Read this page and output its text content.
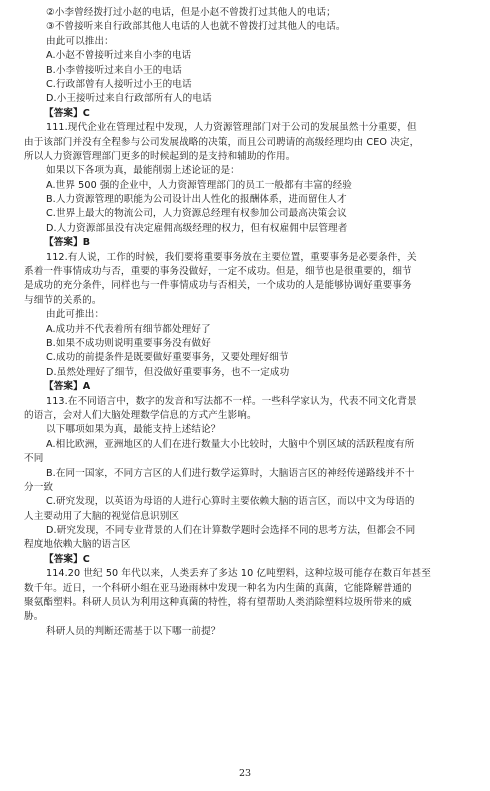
②小李曾经拨打过小赵的电话，但是小赵不曾拨打过其他人的电话；
③不曾接听来自行政部其他人电话的人也就不曾拨打过其他人的电话。
由此可以推出：
A.小赵不曾接听过来自小李的电话
B.小李曾接听过来自小王的电话
C.行政部曾有人接听过小王的电话
D.小王接听过来自行政部所有人的电话
【答案】C
111.现代企业在管理过程中发现，人力资源管理部门对于公司的发展虽然十分重要，但
由于该部门并没有全程参与公司发展战略的决策，而且公司聘请的高级经理均由 CEO 决定，
所以人力资源管理部门更多的时候起到的是支持和辅助的作用。
如果以下各项为真，最能削弱上述论证的是：
A.世界 500 强的企业中，人力资源管理部门的员工一般都有丰富的经验
B.人力资源管理的职能为公司设计出人性化的报酬体系，进而留住人才
C.世界上最大的物流公司，人力资源总经理有权参加公司最高决策会议
D.人力资源部虽没有决定雇佣高级经理的权力，但有权雇佣中层管理者
【答案】B
112.有人说，工作的时候，我们要将重要事务放在主要位置，重要事务是必要条件，关
系着一件事情成功与否，重要的事务没做好，一定不成功。但是，细节也是很重要的，细节
是成功的充分条件，同样也与一件事情成功与否相关，一个成功的人是能够协调好重要事务
与细节的关系的。
由此可推出：
A.成功并不代表着所有细节都处理好了
B.如果不成功则说明重要事务没有做好
C.成功的前提条件是既要做好重要事务，又要处理好细节
D.虽然处理好了细节，但没做好重要事务，也不一定成功
【答案】A
113.在不同语言中，数字的发音和写法都不一样。一些科学家认为，代表不同文化背景
的语言，会对人们大脑处理数学信息的方式产生影响。
以下哪项如果为真，最能支持上述结论？
A.相比欧洲，亚洲地区的人们在进行数量大小比较时，大脑中个别区域的活跃程度有所
不同
B.在同一国家，不同方言区的人们进行数学运算时，大脑语言区的神经传递路线并不十
分一致
C.研究发现，以英语为母语的人进行心算时主要依赖大脑的语言区，而以中文为母语的
人主要动用了大脑的视觉信息识别区
D.研究发现，不同专业背景的人们在计算数学题时会选择不同的思考方法，但都会不同
程度地依赖大脑的语言区
【答案】C
114.20 世纪 50 年代以来，人类丢弃了多达 10 亿吨塑料，这种垃圾可能存在数百年甚至
数千年。近日，一个科研小组在亚马逊雨林中发现一种名为内生菌的真菌，它能降解普通的
聚氨酯塑料。科研人员认为利用这种真菌的特性，将有望帮助人类消除塑料垃圾所带来的威
胁。
科研人员的判断还需基于以下哪一前提？
23
